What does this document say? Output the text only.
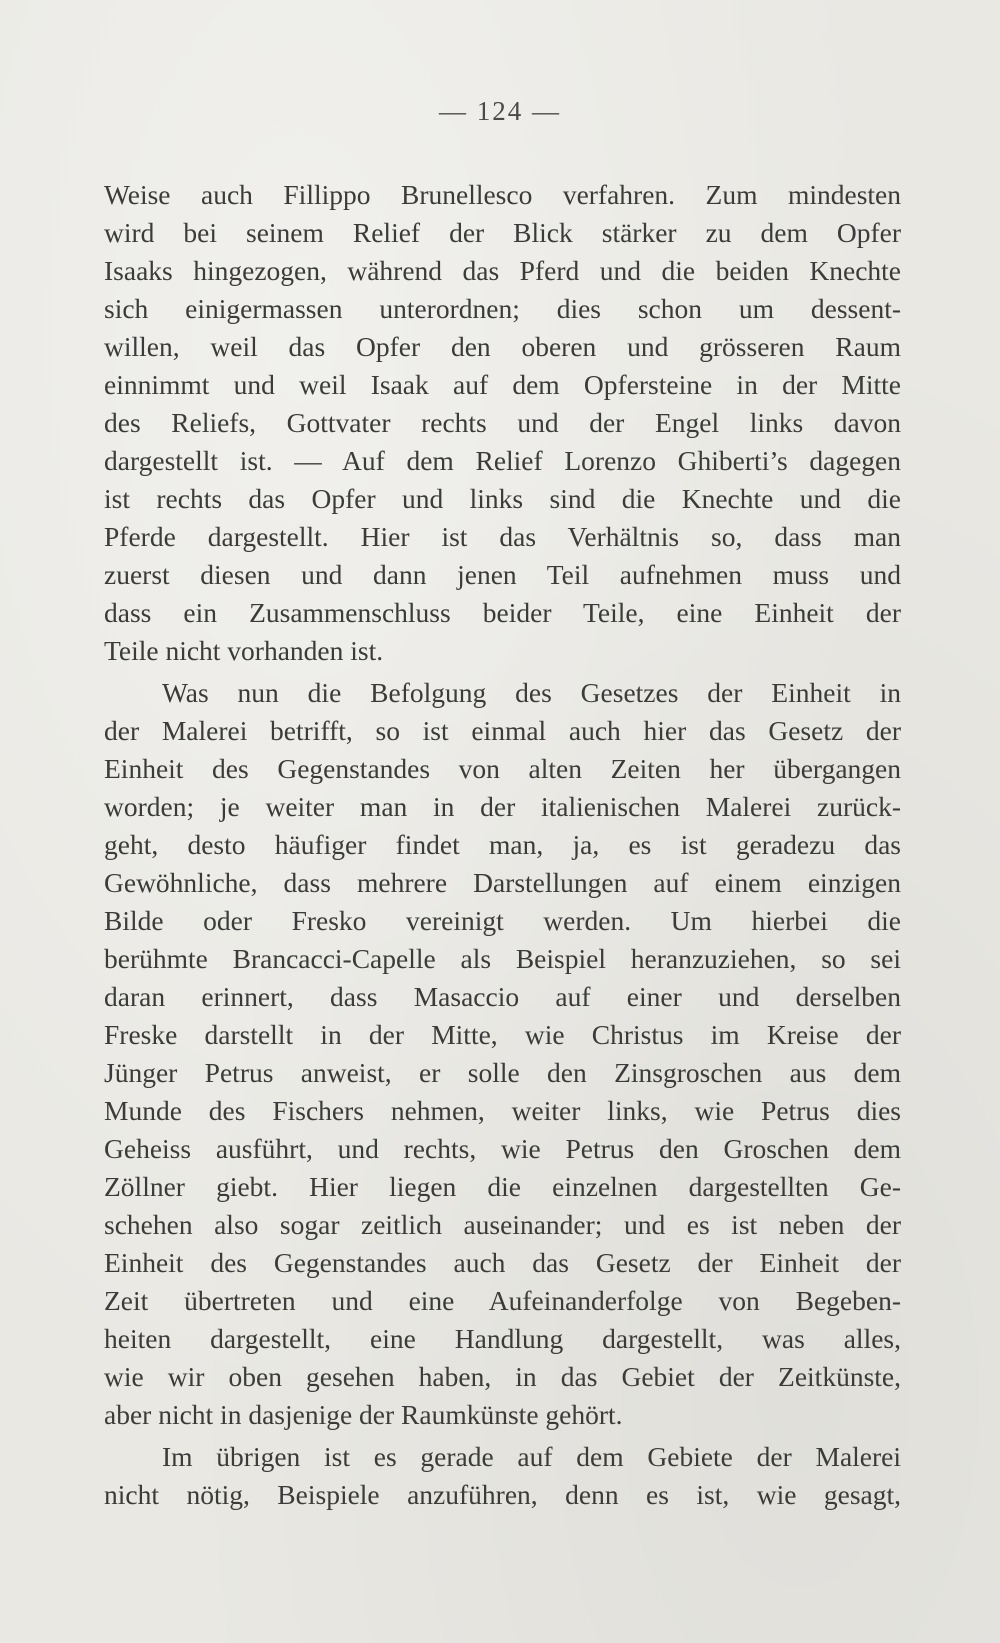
— 124 —
Weise auch Fillippo Brunellesco verfahren. Zum mindesten
wird bei seinem Relief der Blick stärker zu dem Opfer
Isaaks hingezogen, während das Pferd und die beiden Knechte
sich einigermassen unterordnen; dies schon um dessent-
willen, weil das Opfer den oberen und grösseren Raum
einnimmt und weil Isaak auf dem Opfersteine in der Mitte
des Reliefs, Gottvater rechts und der Engel links davon
dargestellt ist. — Auf dem Relief Lorenzo Ghiberti’s dagegen
ist rechts das Opfer und links sind die Knechte und die
Pferde dargestellt. Hier ist das Verhältnis so, dass man
zuerst diesen und dann jenen Teil aufnehmen muss und
dass ein Zusammenschluss beider Teile, eine Einheit der
Teile nicht vorhanden ist.
Was nun die Befolgung des Gesetzes der Einheit in
der Malerei betrifft, so ist einmal auch hier das Gesetz der
Einheit des Gegenstandes von alten Zeiten her übergangen
worden; je weiter man in der italienischen Malerei zurück-
geht, desto häufiger findet man, ja, es ist geradezu das
Gewöhnliche, dass mehrere Darstellungen auf einem einzigen
Bilde oder Fresko vereinigt werden. Um hierbei die
berühmte Brancacci-Capelle als Beispiel heranzuziehen, so sei
daran erinnert, dass Masaccio auf einer und derselben
Freske darstellt in der Mitte, wie Christus im Kreise der
Jünger Petrus anweist, er solle den Zinsgroschen aus dem
Munde des Fischers nehmen, weiter links, wie Petrus dies
Geheiss ausführt, und rechts, wie Petrus den Groschen dem
Zöllner giebt. Hier liegen die einzelnen dargestellten Ge-
schehen also sogar zeitlich auseinander; und es ist neben der
Einheit des Gegenstandes auch das Gesetz der Einheit der
Zeit übertreten und eine Aufeinanderfolge von Begeben-
heiten dargestellt, eine Handlung dargestellt, was alles,
wie wir oben gesehen haben, in das Gebiet der Zeitkünste,
aber nicht in dasjenige der Raumkünste gehört.
Im übrigen ist es gerade auf dem Gebiete der Malerei
nicht nötig, Beispiele anzuführen, denn es ist, wie gesagt,
